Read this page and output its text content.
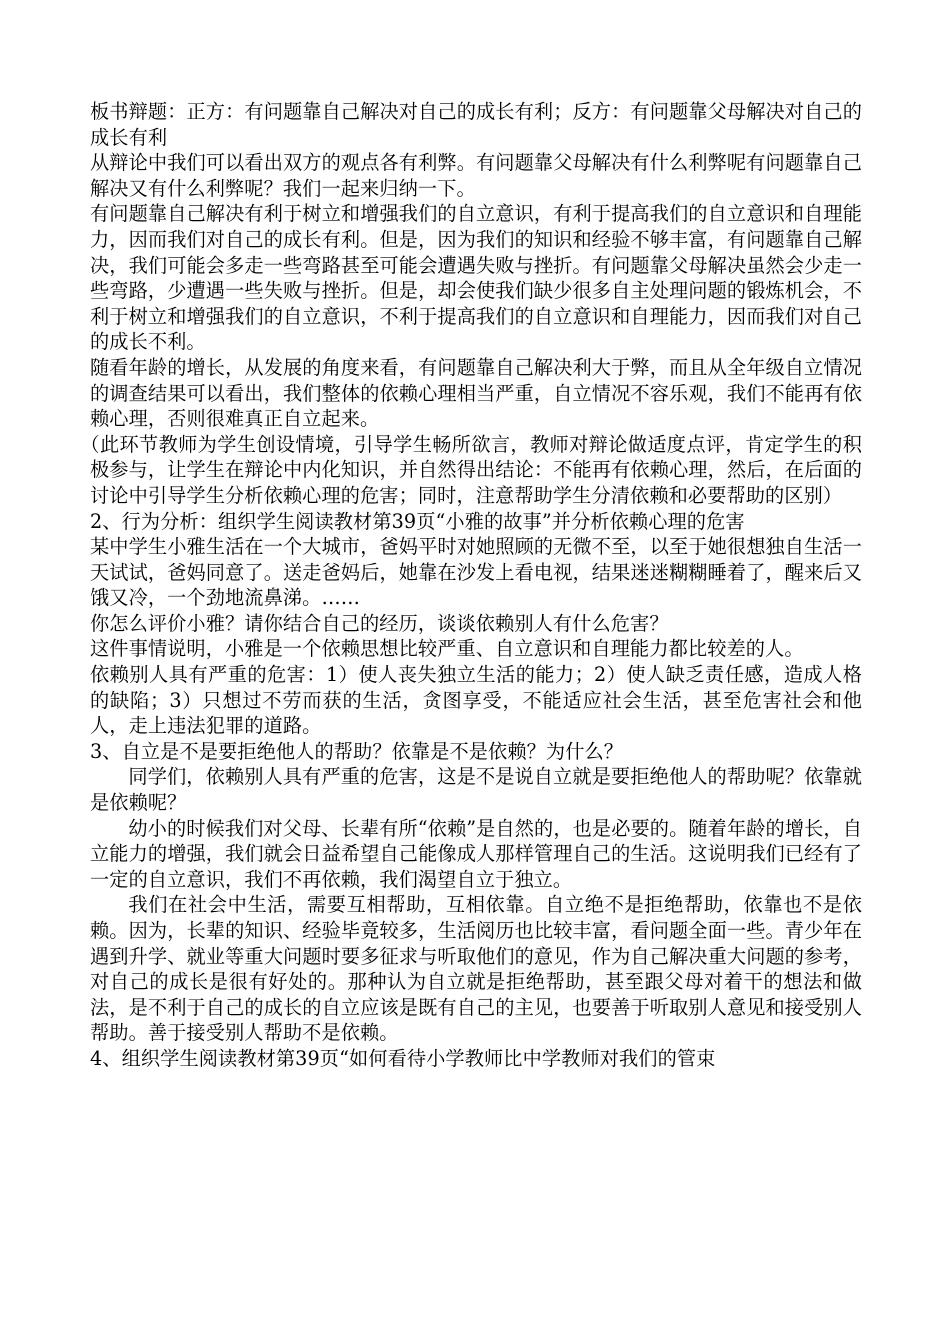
板书辩题：正方：有问题靠自己解决对自己的成长有利；反方：有问题靠父母解决对自己的成长有利

从辩论中我们可以看出双方的观点各有利弊。有问题靠父母解决有什么利弊呢有问题靠自己解决又有什么利弊呢？我们一起来归纳一下。

有问题靠自己解决有利于树立和增强我们的自立意识，有利于提高我们的自立意识和自理能力，因而我们对自己的成长有利。但是，因为我们的知识和经验不够丰富，有问题靠自己解决，我们可能会多走一些弯路甚至可能会遭遇失败与挫折。有问题靠父母解决虽然会少走一些弯路，少遭遇一些失败与挫折。但是，却会使我们缺少很多自主处理问题的锻炼机会，不利于树立和增强我们的自立意识，不利于提高我们的自立意识和自理能力，因而我们对自己的成长不利。

随看年龄的增长，从发展的角度来看，有问题靠自己解决利大于弊，而且从全年级自立情况的调查结果可以看出，我们整体的依赖心理相当严重，自立情况不容乐观，我们不能再有依赖心理，否则很难真正自立起来。

（此环节教师为学生创设情境，引导学生畅所欲言，教师对辩论做适度点评，肯定学生的积极参与，让学生在辩论中内化知识，并自然得出结论：不能再有依赖心理，然后，在后面的讨论中引导学生分析依赖心理的危害；同时，注意帮助学生分清依赖和必要帮助的区别）

2、行为分析：组织学生阅读教材第39页“小雅的故事”并分析依赖心理的危害

某中学生小雅生活在一个大城市，爸妈平时对她照顾的无微不至，以至于她很想独自生活一天试试，爸妈同意了。送走爸妈后，她靠在沙发上看电视，结果迷迷糊糊睡着了，醒来后又饿又冷，一个劲地流鼻涕。……

你怎么评价小雅？请你结合自己的经历，谈谈依赖别人有什么危害？

这件事情说明，小雅是一个依赖思想比较严重、自立意识和自理能力都比较差的人。

依赖别人具有严重的危害：1）使人丧失独立生活的能力；2）使人缺乏责任感，造成人格的缺陷；3）只想过不劳而获的生活，贪图享受，不能适应社会生活，甚至危害社会和他人，走上违法犯罪的道路。

3、自立是不是要拒绝他人的帮助？依靠是不是依赖？为什么？

同学们，依赖别人具有严重的危害，这是不是说自立就是要拒绝他人的帮助呢？依靠就是依赖呢？

幼小的时候我们对父母、长辈有所“依赖”是自然的，也是必要的。随着年龄的增长，自立能力的增强，我们就会日益希望自己能像成人那样管理自己的生活。这说明我们已经有了一定的自立意识，我们不再依赖，我们渴望自立于独立。

我们在社会中生活，需要互相帮助，互相依靠。自立绝不是拒绝帮助，依靠也不是依赖。因为，长辈的知识、经验毕竟较多，生活阅历也比较丰富，看问题全面一些。青少年在遇到升学、就业等重大问题时要多征求与听取他们的意见，作为自己解决重大问题的参考，对自己的成长是很有好处的。那种认为自立就是拒绝帮助，甚至跟父母对着干的想法和做法，是不利于自己的成长的自立应该是既有自己的主见，也要善于听取别人意见和接受别人帮助。善于接受别人帮助不是依赖。

4、组织学生阅读教材第39页“如何看待小学教师比中学教师对我们的管束
